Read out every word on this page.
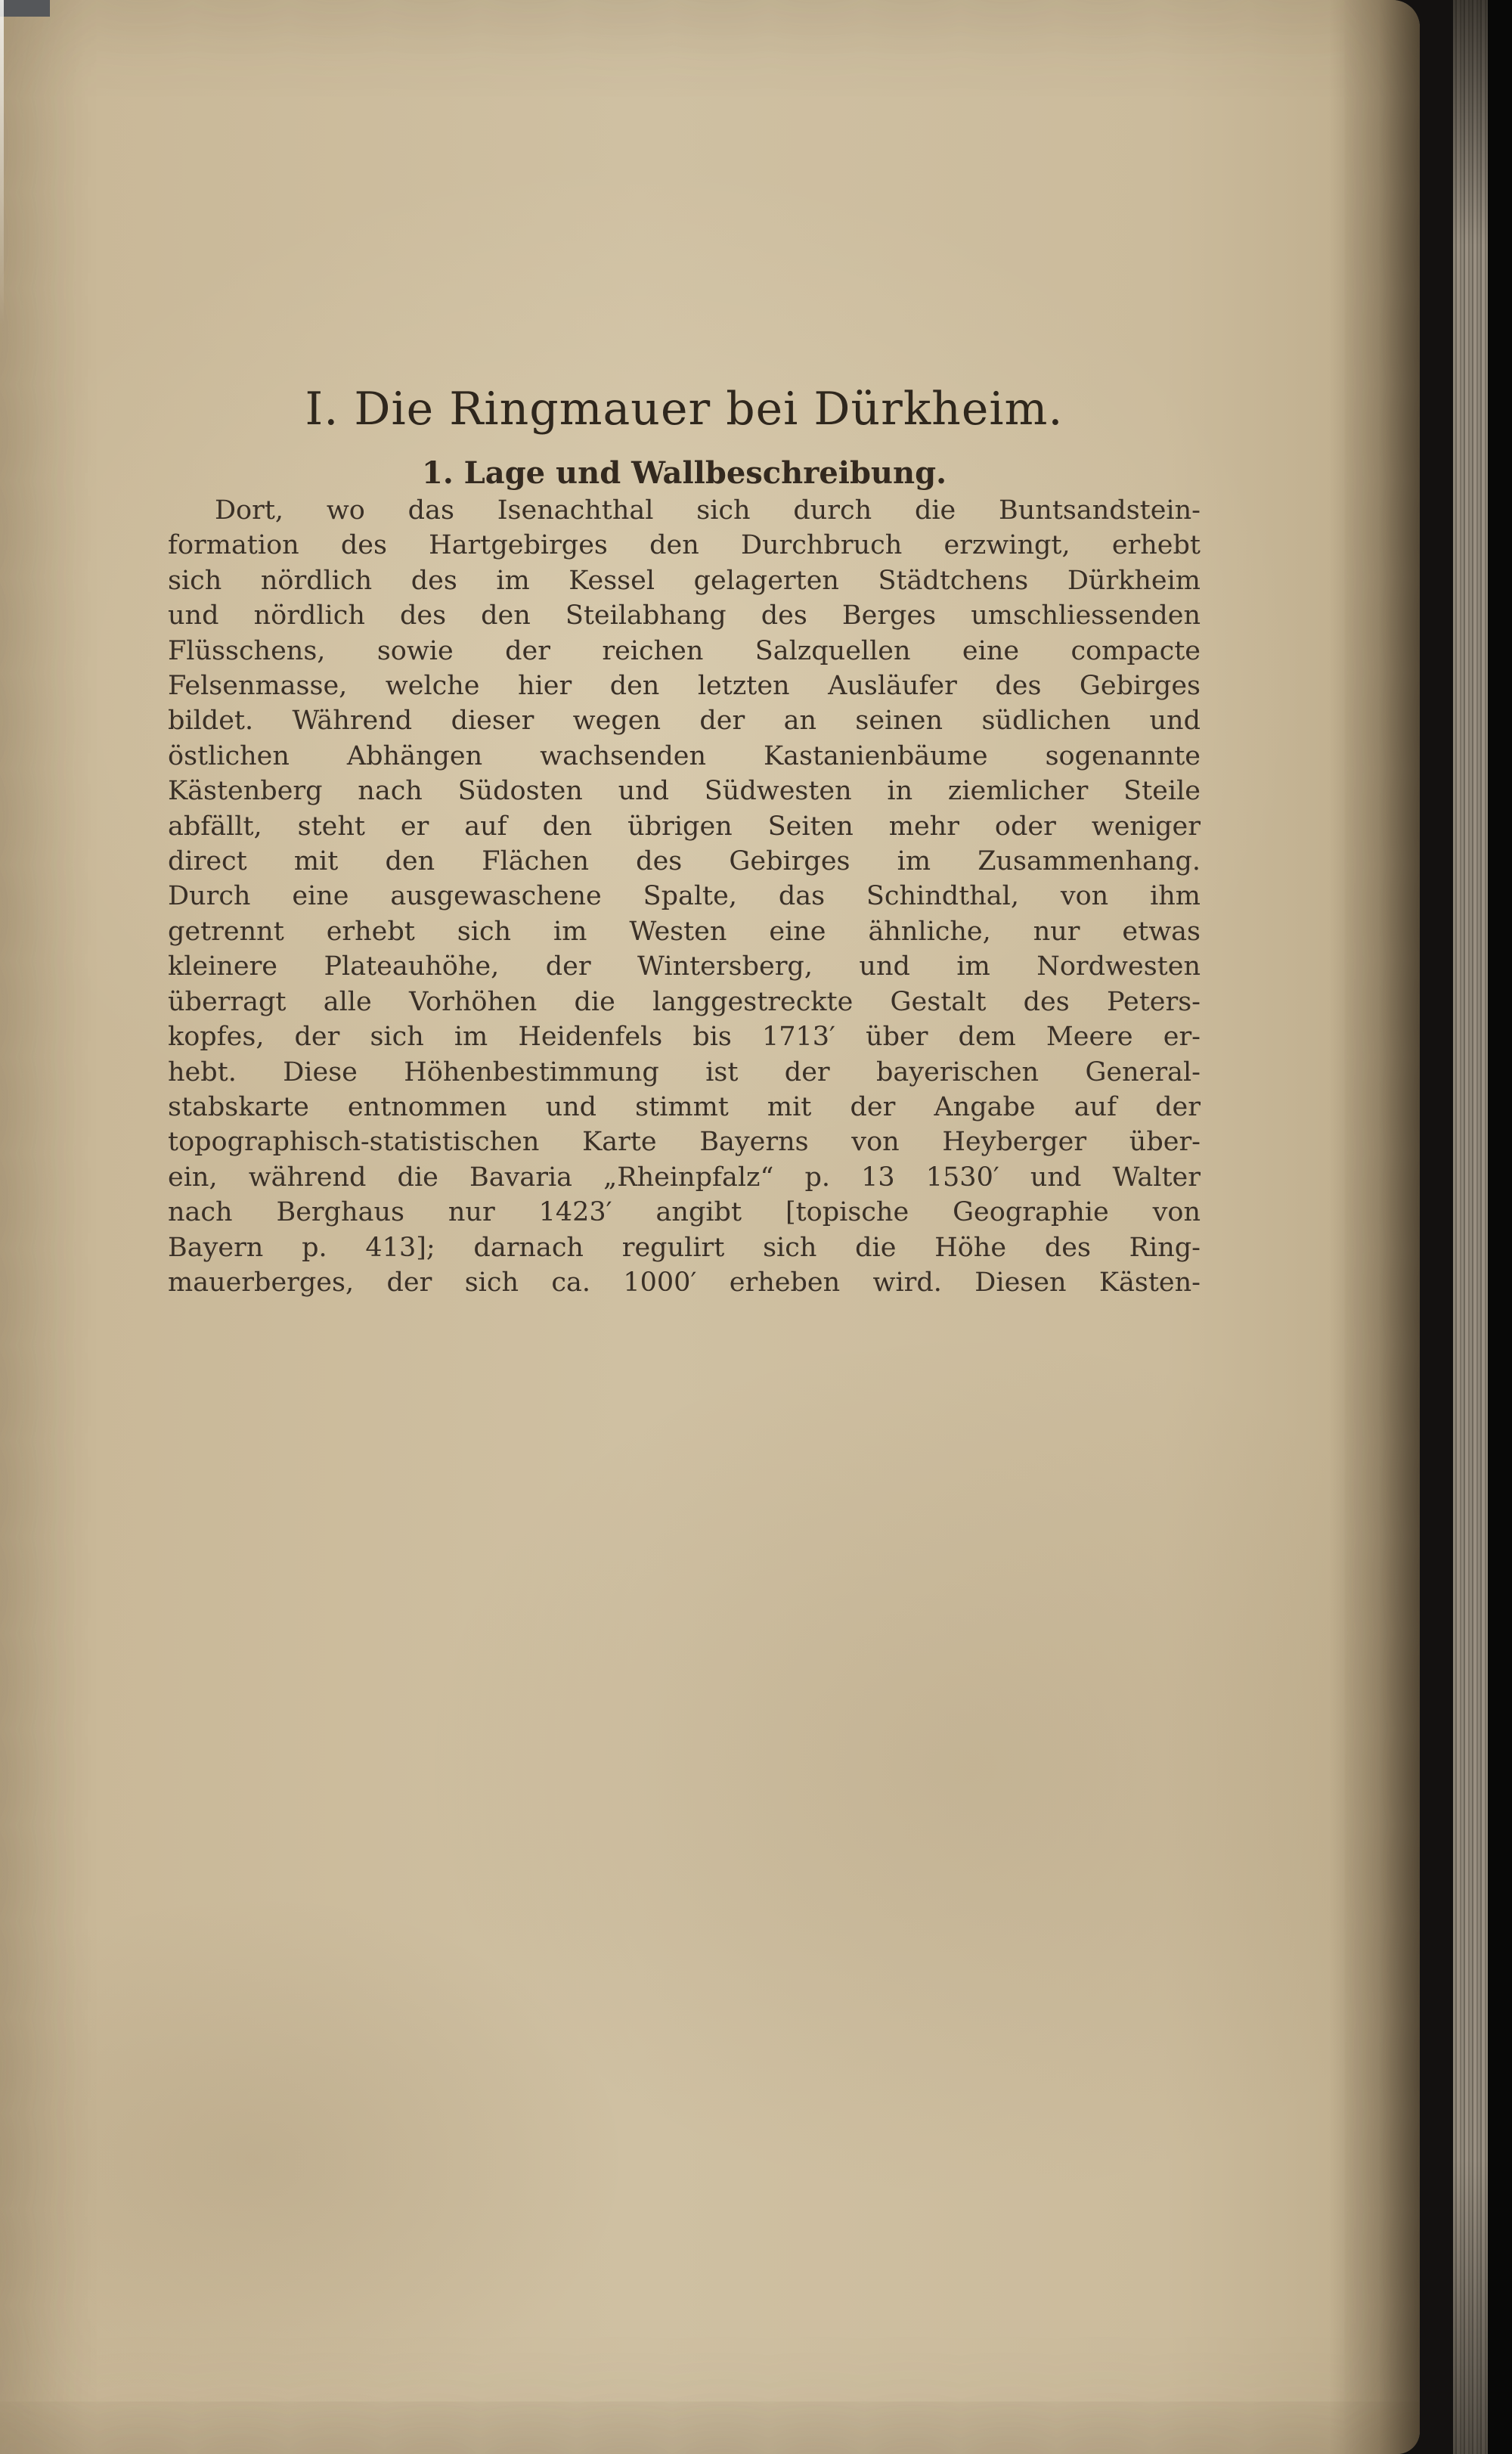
I. Die Ringmauer bei Dürkheim.
1. Lage und Wallbeschreibung.
Dort, wo das Isenachthal sich durch die Buntsandstein-
formation des Hartgebirges den Durchbruch erzwingt, erhebt
sich nördlich des im Kessel gelagerten Städtchens Dürkheim
und nördlich des den Steilabhang des Berges umschliessenden
Flüsschens, sowie der reichen Salzquellen eine compacte
Felsenmasse, welche hier den letzten Ausläufer des Gebirges
bildet. Während dieser wegen der an seinen südlichen und
östlichen Abhängen wachsenden Kastanienbäume sogenannte
Kästenberg nach Südosten und Südwesten in ziemlicher Steile
abfällt, steht er auf den übrigen Seiten mehr oder weniger
direct mit den Flächen des Gebirges im Zusammenhang.
Durch eine ausgewaschene Spalte, das Schindthal, von ihm
getrennt erhebt sich im Westen eine ähnliche, nur etwas
kleinere Plateauhöhe, der Wintersberg, und im Nordwesten
überragt alle Vorhöhen die langgestreckte Gestalt des Peters-
kopfes, der sich im Heidenfels bis 1713′ über dem Meere er-
hebt. Diese Höhenbestimmung ist der bayerischen General-
stabskarte entnommen und stimmt mit der Angabe auf der
topographisch-statistischen Karte Bayerns von Heyberger über-
ein, während die Bavaria „Rheinpfalz“ p. 13 1530′ und Walter
nach Berghaus nur 1423′ angibt [topische Geographie von
Bayern p. 413]; darnach regulirt sich die Höhe des Ring-
mauerberges, der sich ca. 1000′ erheben wird. Diesen Kästen-
